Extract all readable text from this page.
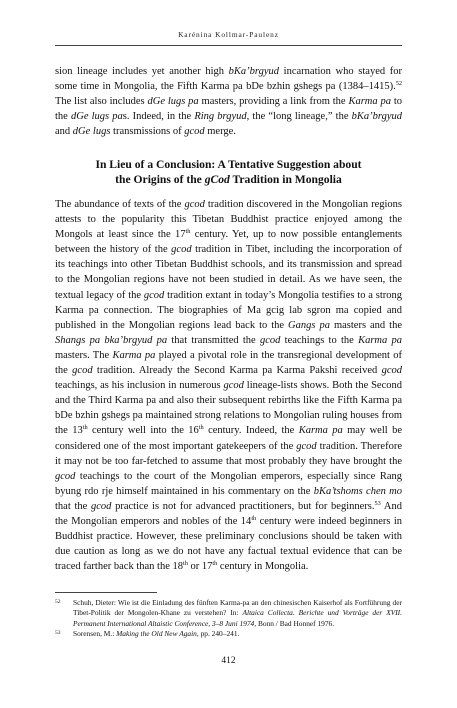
Karénina Kollmar-Paulenz

sion lineage includes yet another high bKa’brgyud incarnation who stayed for some time in Mongolia, the Fifth Karma pa bDe bzhin gshegs pa (1384–1415).$^{52}$ The list also includes dGe lugs pa masters, providing a link from the Karma pa to the dGe lugs pas. Indeed, in the Ring brgyud, the “long lineage,” the bKa’brgyud and dGe lugs transmissions of gcod merge.

In Lieu of a Conclusion: A Tentative Suggestion about
the Origins of the gCod Tradition in Mongolia

The abundance of texts of the gcod tradition discovered in the Mongolian regions attests to the popularity this Tibetan Buddhist practice enjoyed among the Mongols at least since the 17th century. Yet, up to now possible entanglements between the history of the gcod tradition in Tibet, including the incorporation of its teachings into other Tibetan Buddhist schools, and its transmission and spread to the Mongolian regions have not been studied in detail. As we have seen, the textual legacy of the gcod tradition extant in today’s Mongolia testifies to a strong Karma pa connection. The biographies of Ma gcig lab sgron ma copied and published in the Mongolian regions lead back to the Gangs pa masters and the Shangs pa bka’brgyud pa that transmitted the gcod teachings to the Karma pa masters. The Karma pa played a pivotal role in the transregional development of the gcod tradition. Already the Second Karma pa Karma Pakshi received gcod teachings, as his inclusion in numerous gcod lineage-lists shows. Both the Second and the Third Karma pa and also their subsequent rebirths like the Fifth Karma pa bDe bzhin gshegs pa maintained strong relations to Mongolian ruling houses from the 13th century well into the 16th century. Indeed, the Karma pa may well be considered one of the most important gatekeepers of the gcod tradition. Therefore it may not be too far-fetched to assume that most probably they have brought the gcod teachings to the court of the Mongolian emperors, especially since Rang byung rdo rje himself maintained in his commentary on the bKa’tshoms chen mo that the gcod practice is not for advanced practitioners, but for beginners.$^{53}$ And the Mongolian emperors and nobles of the 14th century were indeed beginners in Buddhist practice. However, these preliminary conclusions should be taken with due caution as long as we do not have any factual textual evidence that can be traced farther back than the 18th or 17th century in Mongolia.

52	Schuh, Dieter: Wie ist die Einladung des fünften Karma-pa an den chinesischen Kaiserhof als Fortführung der Tibet-Politik der Mongolen-Khane zu verstehen? In: Altaica Collecta. Berichte und Vorträge der XVII. Permanent International Altaistic Conference, 3–8 Juni 1974, Bonn / Bad Honnef 1976.
53	Sorensen, M.: Making the Old New Again, pp. 240–241.
412
